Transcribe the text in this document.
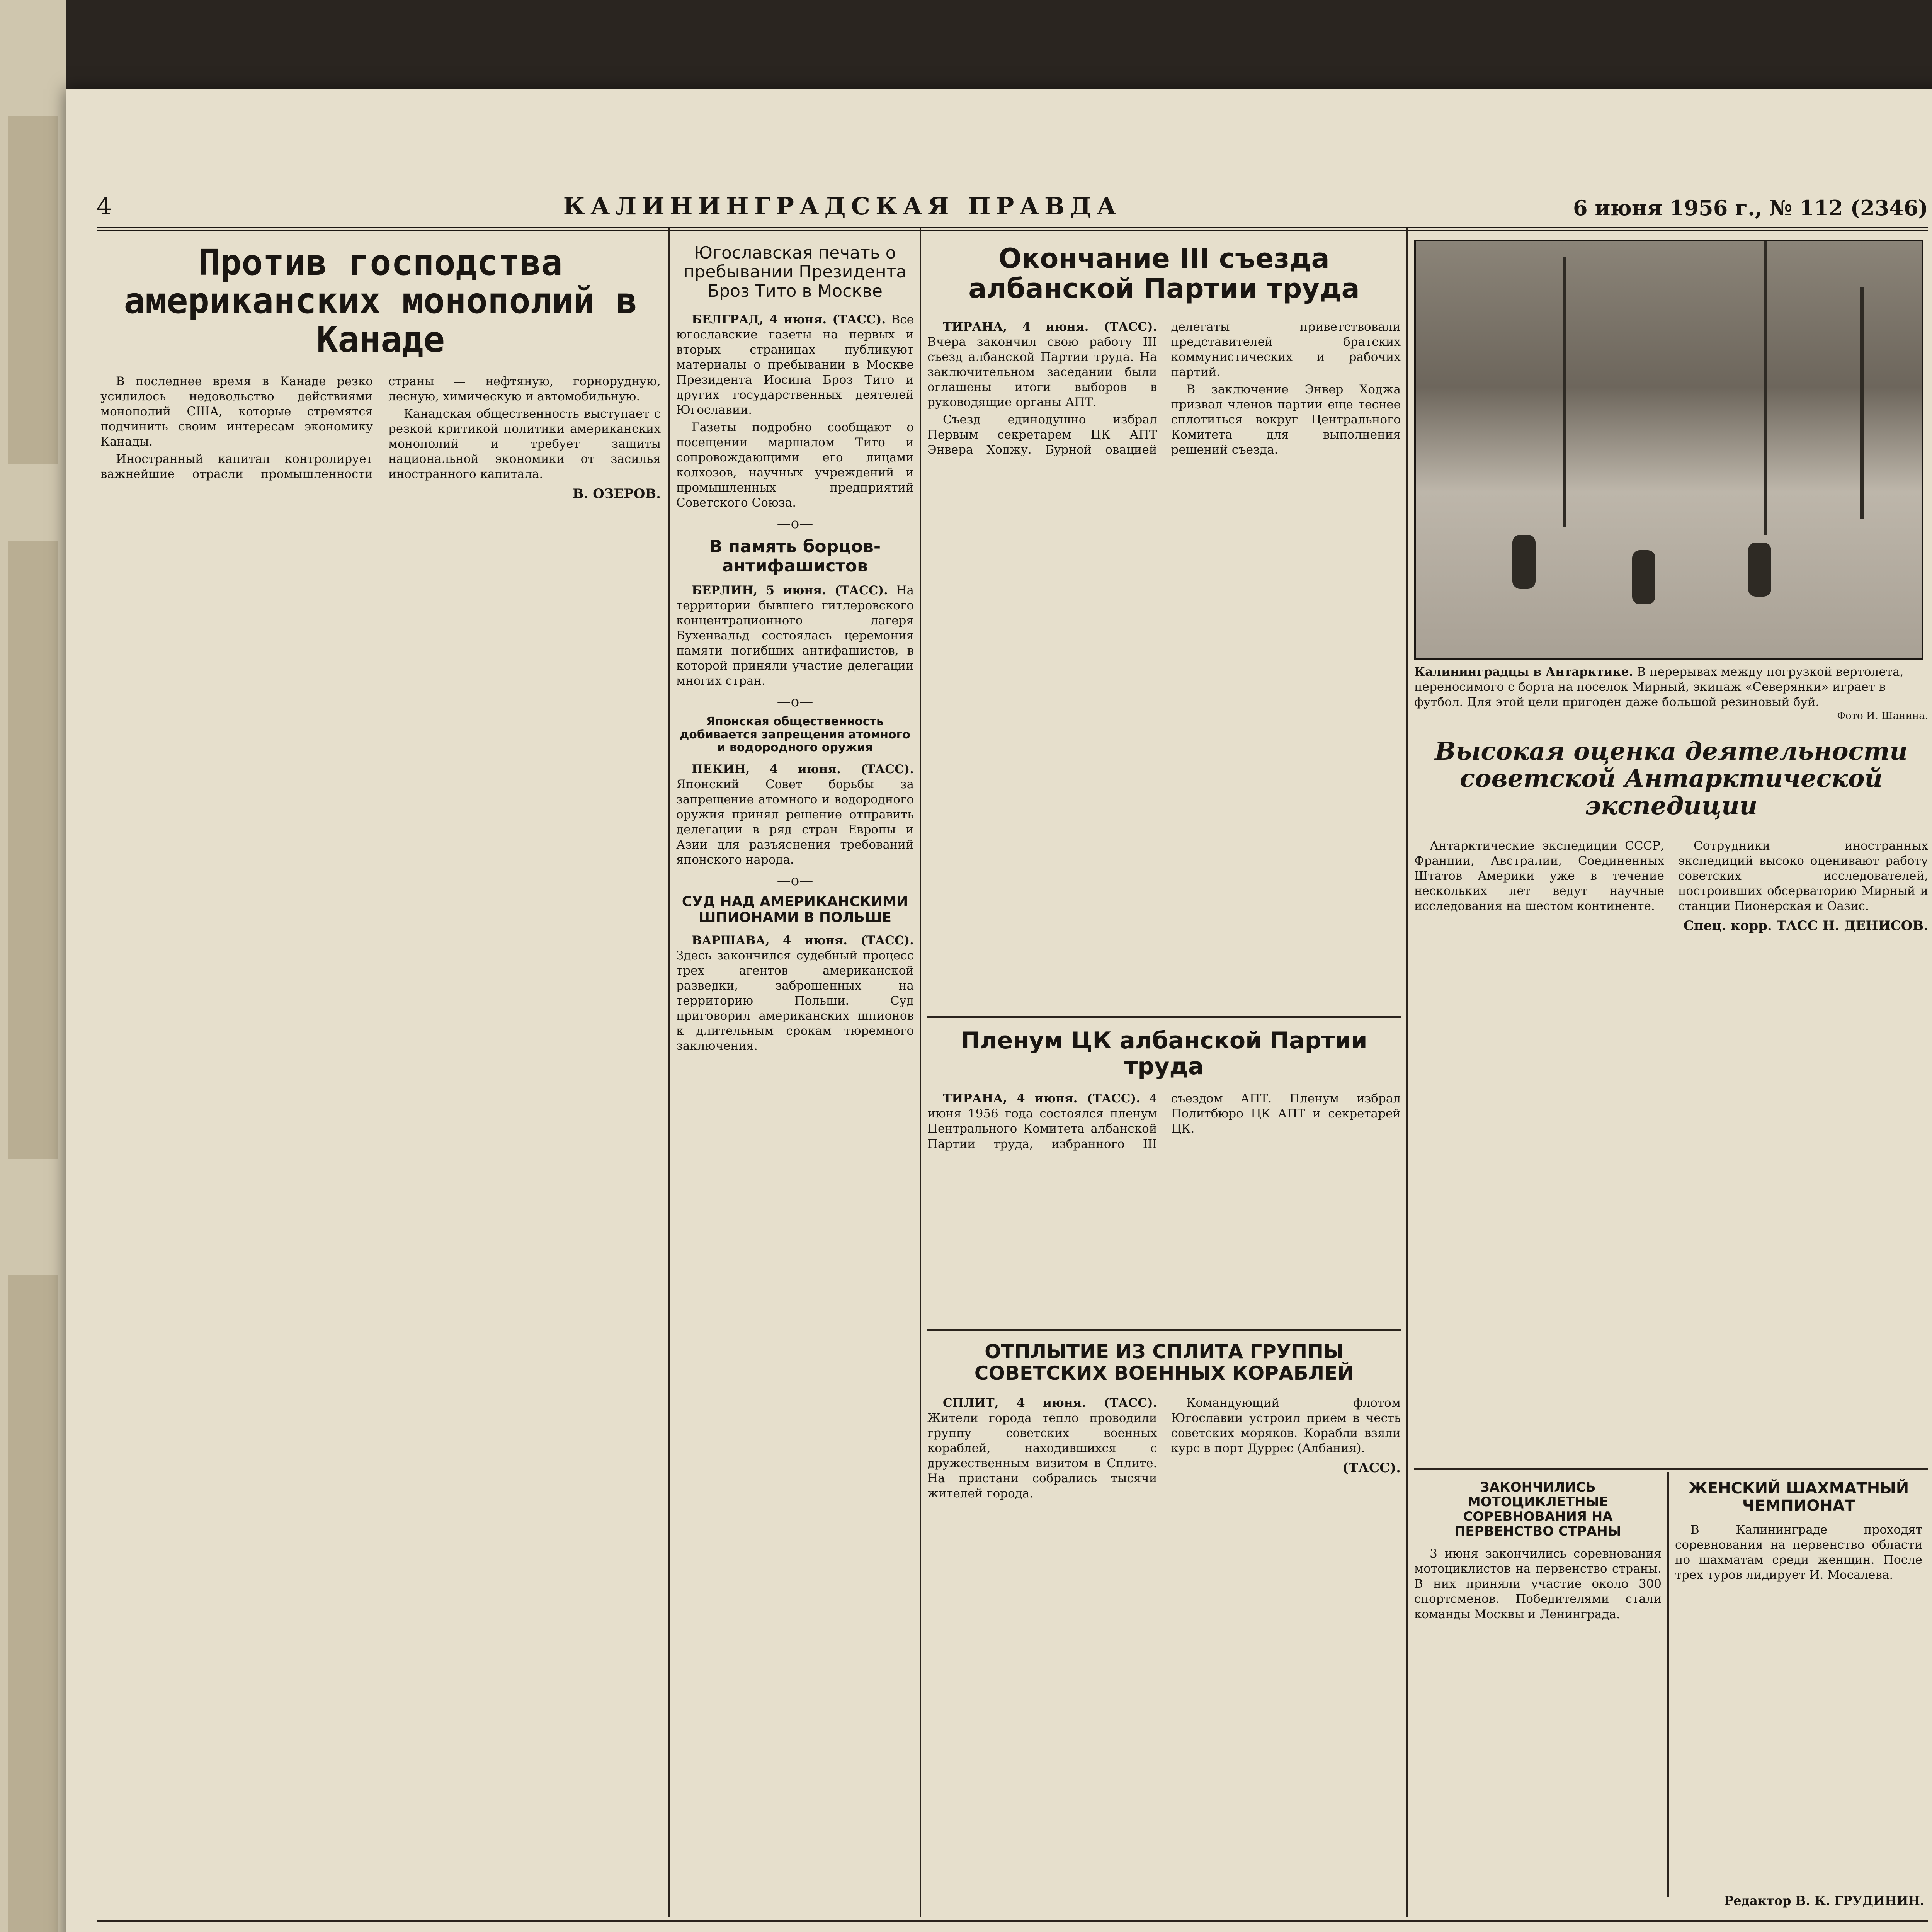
4	КАЛИНИНГРАДСКАЯ ПРАВДА	6 июня 1956 г., № 112 (2346)
Против господства американских монополий в Канаде

В последнее время в Канаде резко усилилось недовольство действиями монополий США, которые стремятся подчинить своим интересам экономику Канады.

Иностранный капитал контролирует важнейшие отрасли промышленности страны — нефтяную, горнорудную, лесную, химическую и автомобильную.

Канадская общественность выступает с резкой критикой политики американских монополий и требует защиты национальной экономики от засилья иностранного капитала.

В. ОЗЕРОВ.
Югославская печать о пребывании Президента Броз Тито в Москве

БЕЛГРАД, 4 июня. (ТАСС). Все югославские газеты на первых и вторых страницах публикуют материалы о пребывании в Москве Президента Иосипа Броз Тито и других государственных деятелей Югославии.

Газеты подробно сообщают о посещении маршалом Тито и сопровождающими его лицами колхозов, научных учреждений и промышленных предприятий Советского Союза.

—o—
В память борцов-антифашистов

БЕРЛИН, 5 июня. (ТАСС). На территории бывшего гитлеровского концентрационного лагеря Бухенвальд состоялась церемония памяти погибших антифашистов, в которой приняли участие делегации многих стран.

—o—
Японская общественность добивается запрещения атомного и водородного оружия

ПЕКИН, 4 июня. (ТАСС). Японский Совет борьбы за запрещение атомного и водородного оружия принял решение отправить делегации в ряд стран Европы и Азии для разъяснения требований японского народа.

—o—
СУД НАД АМЕРИКАНСКИМИ ШПИОНАМИ В ПОЛЬШЕ

ВАРШАВА, 4 июня. (ТАСС). Здесь закончился судебный процесс трех агентов американской разведки, заброшенных на территорию Польши. Суд приговорил американских шпионов к длительным срокам тюремного заключения.

Окончание III съезда албанской Партии труда

ТИРАНА, 4 июня. (ТАСС). Вчера закончил свою работу III съезд албанской Партии труда. На заключительном заседании были оглашены итоги выборов в руководящие органы АПТ.

Съезд единодушно избрал Первым секретарем ЦК АПТ Энвера Ходжу. Бурной овацией делегаты приветствовали представителей братских коммунистических и рабочих партий.

В заключение Энвер Ходжа призвал членов партии еще теснее сплотиться вокруг Центрального Комитета для выполнения решений съезда.

Пленум ЦК албанской Партии труда

ТИРАНА, 4 июня. (ТАСС). 4 июня 1956 года состоялся пленум Центрального Комитета албанской Партии труда, избранного III съездом АПТ. Пленум избрал Политбюро ЦК АПТ и секретарей ЦК.

ОТПЛЫТИЕ ИЗ СПЛИТА ГРУППЫ СОВЕТСКИХ ВОЕННЫХ КОРАБЛЕЙ

СПЛИТ, 4 июня. (ТАСС). Жители города тепло проводили группу советских военных кораблей, находившихся с дружественным визитом в Сплите. На пристани собрались тысячи жителей города.

Командующий флотом Югославии устроил прием в честь советских моряков. Корабли взяли курс в порт Дуррес (Албания).

(ТАСС).
Калининградцы в Антарктике. В перерывах между погрузкой вертолета, переносимого с борта на поселок Мирный, экипаж «Северянки» играет в футбол. Для этой цели пригоден даже большой резиновый буй.
Фото И. Шанина.
Высокая оценка деятельности советской Антарктической экспедиции

Антарктические экспедиции СССР, Франции, Австралии, Соединенных Штатов Америки уже в течение нескольких лет ведут научные исследования на шестом континенте.

Сотрудники иностранных экспедиций высоко оценивают работу советских исследователей, построивших обсерваторию Мирный и станции Пионерская и Оазис.

Спец. корр. ТАСС Н. ДЕНИСОВ.
ЗАКОНЧИЛИСЬ МОТОЦИКЛЕТНЫЕ СОРЕВНОВАНИЯ НА ПЕРВЕНСТВО СТРАНЫ

3 июня закончились соревнования мотоциклистов на первенство страны. В них приняли участие около 300 спортсменов. Победителями стали команды Москвы и Ленинграда.

ЖЕНСКИЙ ШАХМАТНЫЙ ЧЕМПИОНАТ

В Калининграде проходят соревнования на первенство области по шахматам среди женщин. После трех туров лидирует И. Мосалева.

Редактор В. К. ГРУДИНИН.
